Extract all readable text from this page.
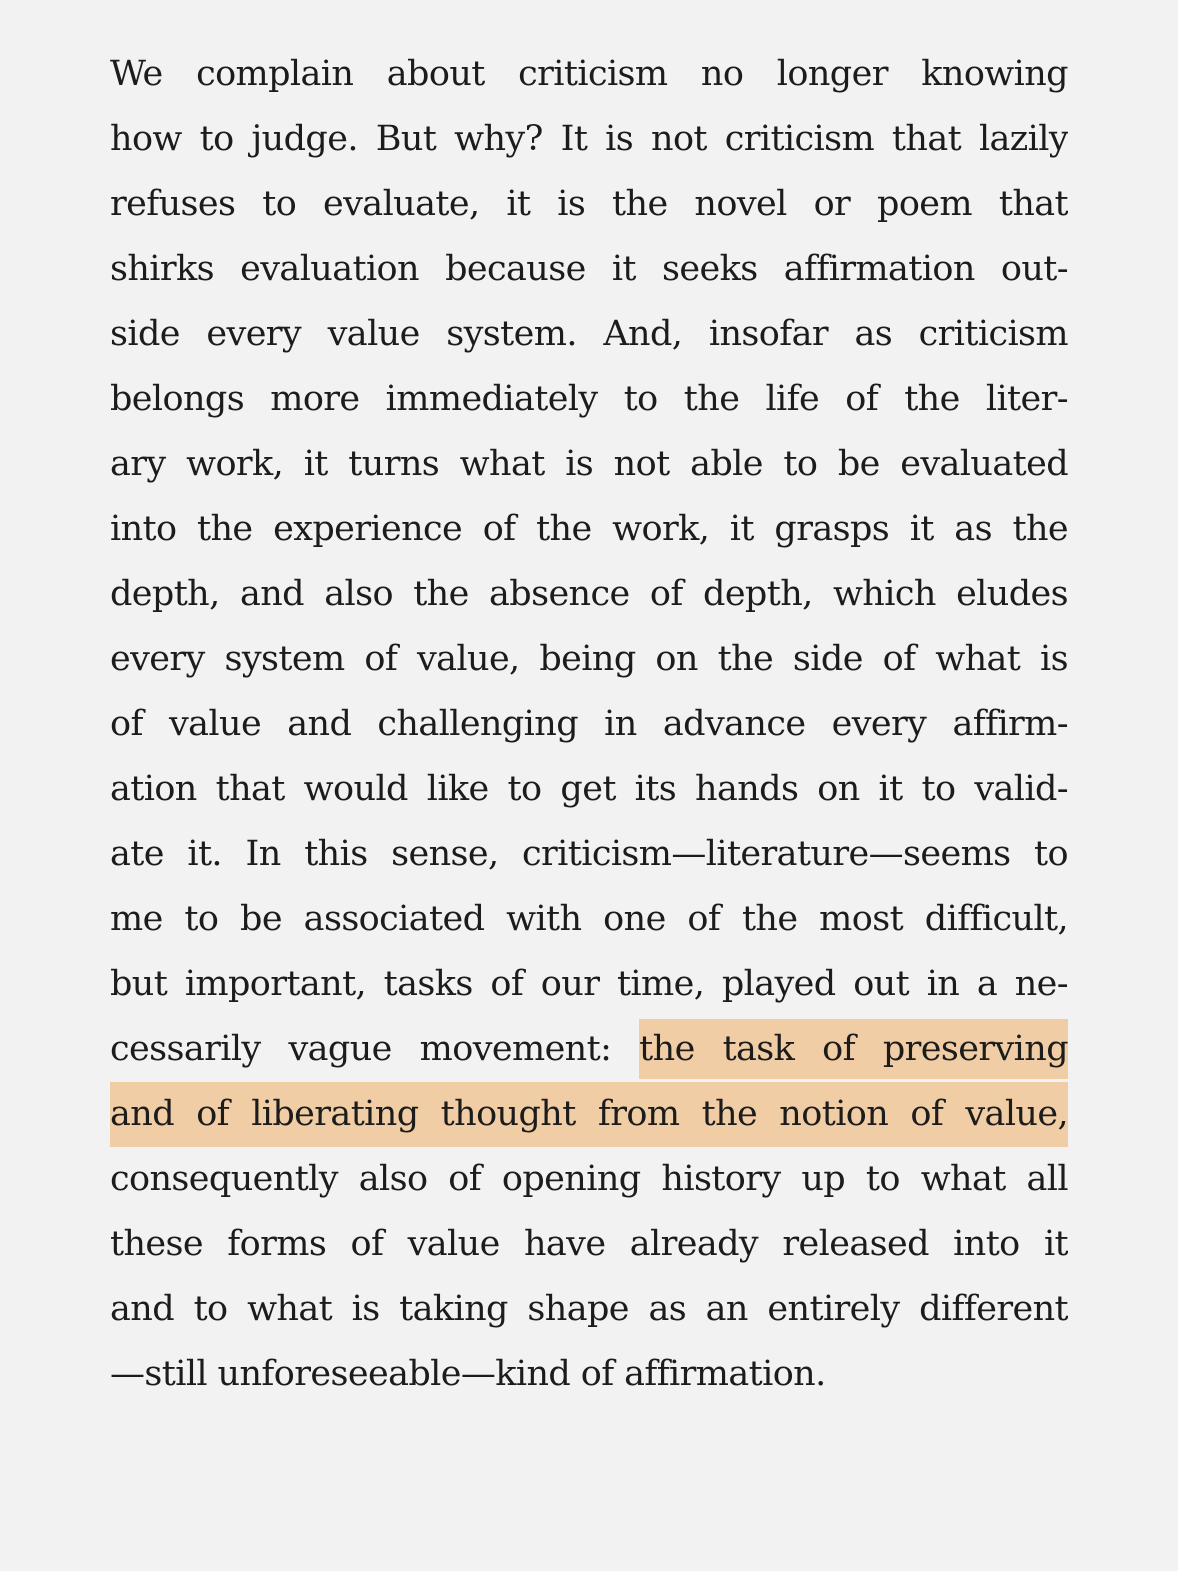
We complain about criticism no longer knowing
how to judge. But why? It is not criticism that lazily
refuses to evaluate, it is the novel or poem that
shirks evaluation because it seeks affirmation out-
side every value system. And, insofar as criticism
belongs more immediately to the life of the liter-
ary work, it turns what is not able to be evaluated
into the experience of the work, it grasps it as the
depth, and also the absence of depth, which eludes
every system of value, being on the side of what is
of value and challenging in advance every affirm-
ation that would like to get its hands on it to valid-
ate it. In this sense, criticism—literature—seems to
me to be associated with one of the most difficult,
but important, tasks of our time, played out in a ne-
cessarily vague movement: the task of preserving
and of liberating thought from the notion of value,
consequently also of opening history up to what all
these forms of value have already released into it
and to what is taking shape as an entirely different
—still unforeseeable—kind of affirmation.
